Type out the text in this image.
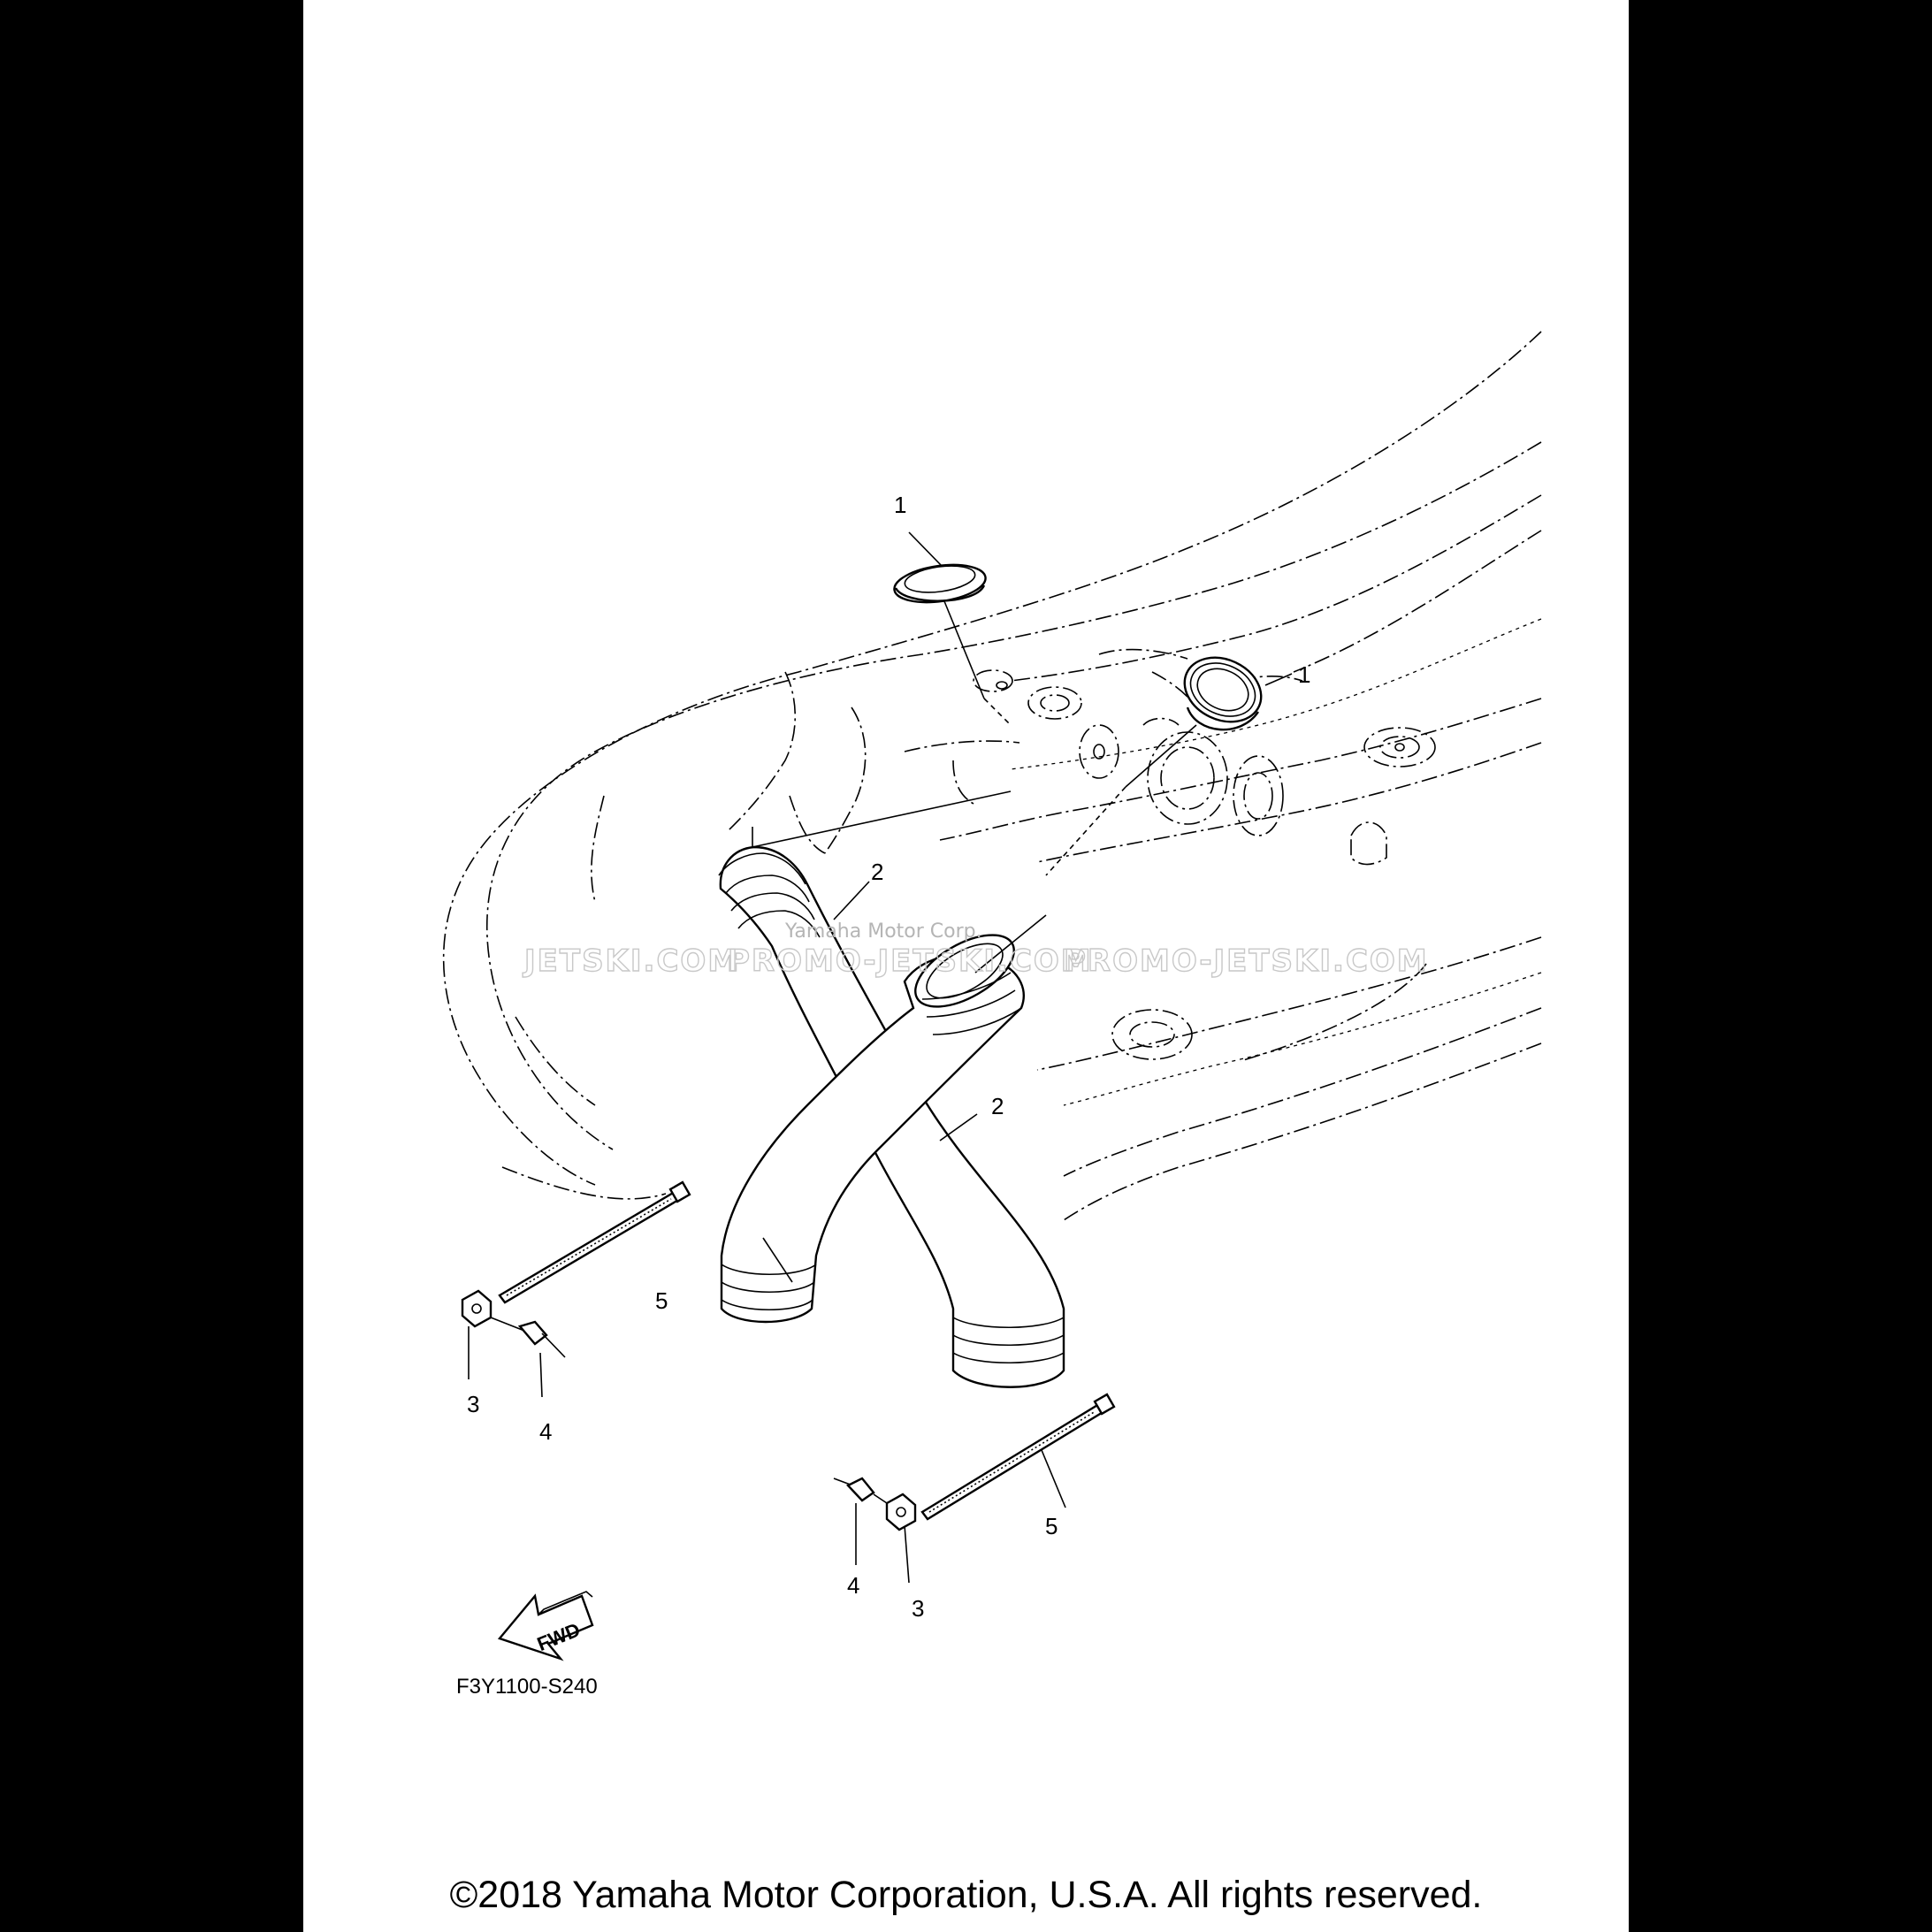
1
1
2
2
3
3
4
4
5
5
JETSKI.COM
PROMO-JETSKI.COM
PROMO-JETSKI.COM
Yamaha Motor Corp.
FWD
F3Y1100-S240
©2018 Yamaha Motor Corporation, U.S.A. All rights reserved.
